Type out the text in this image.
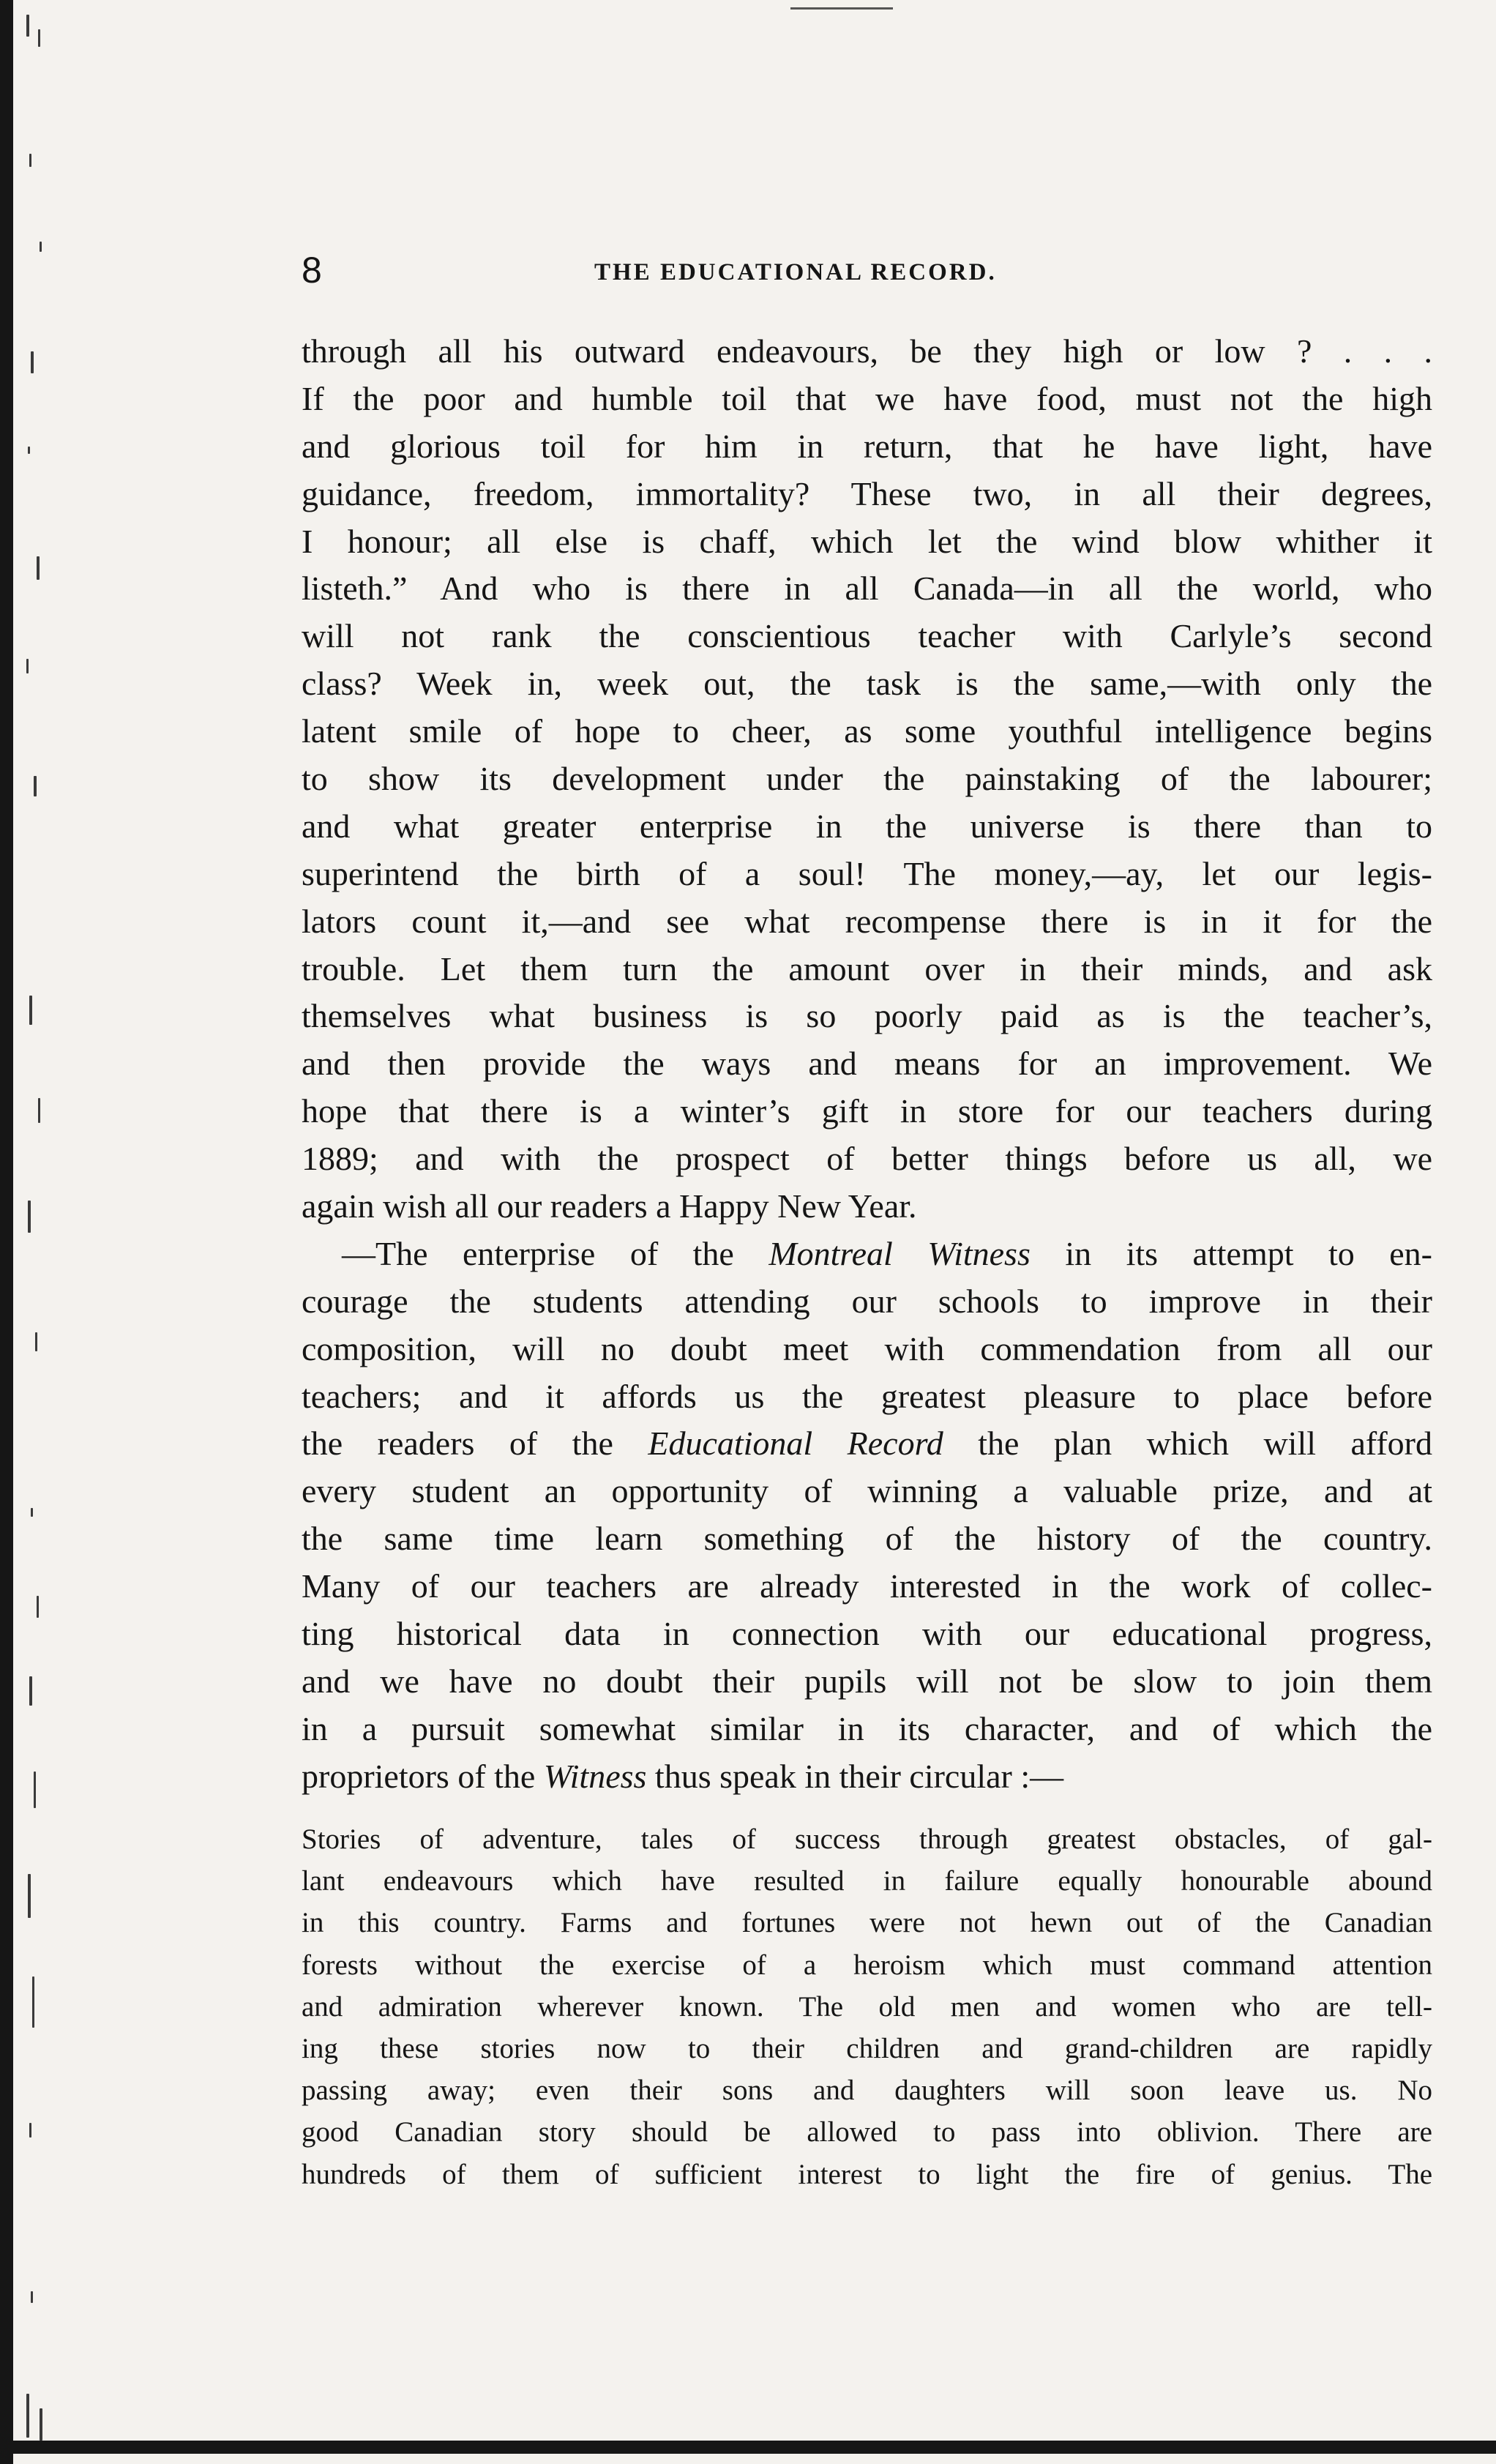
8	THE EDUCATIONAL RECORD.
through all his outward endeavours, be they high or low ? . . .
If the poor and humble toil that we have food, must not the high
and glorious toil for him in return, that he have light, have
guidance, freedom, immortality? These two, in all their degrees,
I honour; all else is chaff, which let the wind blow whither it
listeth.” And who is there in all Canada—in all the world, who
will not rank the conscientious teacher with Carlyle’s second
class? Week in, week out, the task is the same,—with only the
latent smile of hope to cheer, as some youthful intelligence begins
to show its development under the painstaking of the labourer;
and what greater enterprise in the universe is there than to
superintend the birth of a soul! The money,—ay, let our legis-
lators count it,—and see what recompense there is in it for the
trouble. Let them turn the amount over in their minds, and ask
themselves what business is so poorly paid as is the teacher’s,
and then provide the ways and means for an improvement. We
hope that there is a winter’s gift in store for our teachers during
1889; and with the prospect of better things before us all, we
again wish all our readers a Happy New Year.
—The enterprise of the Montreal Witness in its attempt to en-
courage the students attending our schools to improve in their
composition, will no doubt meet with commendation from all our
teachers; and it affords us the greatest pleasure to place before
the readers of the Educational Record the plan which will afford
every student an opportunity of winning a valuable prize, and at
the same time learn something of the history of the country.
Many of our teachers are already interested in the work of collec-
ting historical data in connection with our educational progress,
and we have no doubt their pupils will not be slow to join them
in a pursuit somewhat similar in its character, and of which the
proprietors of the Witness thus speak in their circular :—
Stories of adventure, tales of success through greatest obstacles, of gal-
lant endeavours which have resulted in failure equally honourable abound
in this country. Farms and fortunes were not hewn out of the Canadian
forests without the exercise of a heroism which must command attention
and admiration wherever known. The old men and women who are tell-
ing these stories now to their children and grand-children are rapidly
passing away; even their sons and daughters will soon leave us. No
good Canadian story should be allowed to pass into oblivion. There are
hundreds of them of sufficient interest to light the fire of genius. The
